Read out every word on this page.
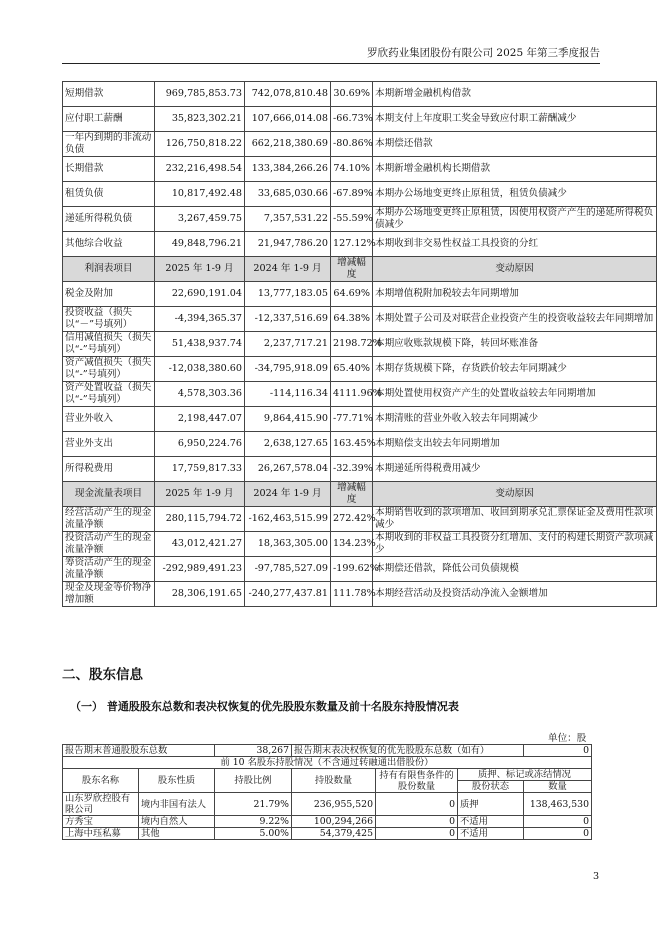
罗欣药业集团股份有限公司 2025 年第三季度报告
短期借款	969,785,853.73	742,078,810.48	30.69%	本期新增金融机构借款
应付职工薪酬	35,823,302.21	107,666,014.08	-66.73%	本期支付上年度职工奖金导致应付职工薪酬减少
一年内到期的非流动负债	126,750,818.22	662,218,380.69	-80.86%	本期偿还借款
长期借款	232,216,498.54	133,384,266.26	74.10%	本期新增金融机构长期借款
租赁负债	10,817,492.48	33,685,030.66	-67.89%	本期办公场地变更终止原租赁，租赁负债减少
递延所得税负债	3,267,459.75	7,357,531.22	-55.59%	本期办公场地变更终止原租赁，因使用权资产产生的递延所得税负债减少
其他综合收益	49,848,796.21	21,947,786.20	127.12%	本期收到非交易性权益工具投资的分红
利润表项目	2025 年 1-9 月	2024 年 1-9 月	增减幅度	变动原因
税金及附加	22,690,191.04	13,777,183.05	64.69%	本期增值税附加税较去年同期增加
投资收益（损失以“－”号填列）	-4,394,365.37	-12,337,516.69	64.38%	本期处置子公司及对联营企业投资产生的投资收益较去年同期增加
信用减值损失（损失以“-”号填列）	51,438,937.74	2,237,717.21	2198.72%	本期应收账款规模下降，转回坏账准备
资产减值损失（损失以“-”号填列）	-12,038,380.60	-34,795,918.09	65.40%	本期存货规模下降，存货跌价较去年同期减少
资产处置收益（损失以“-”号填列）	4,578,303.36	-114,116.34	4111.96%	本期处置使用权资产产生的处置收益较去年同期增加
营业外收入	2,198,447.07	9,864,415.90	-77.71%	本期清账的营业外收入较去年同期减少
营业外支出	6,950,224.76	2,638,127.65	163.45%	本期赔偿支出较去年同期增加
所得税费用	17,759,817.33	26,267,578.04	-32.39%	本期递延所得税费用减少
现金流量表项目	2025 年 1-9 月	2024 年 1-9 月	增减幅度	变动原因
经营活动产生的现金流量净额	280,115,794.72	-162,463,515.99	272.42%	本期销售收到的款项增加、收回到期承兑汇票保证金及费用性款项减少
投资活动产生的现金流量净额	43,012,421.27	18,363,305.00	134.23%	本期收到的非权益工具投资分红增加、支付的构建长期资产款项减少
筹资活动产生的现金流量净额	-292,989,491.23	-97,785,527.09	-199.62%	本期偿还借款，降低公司负债规模
现金及现金等价物净增加额	28,306,191.65	-240,277,437.81	111.78%	本期经营活动及投资活动净流入金额增加
二、股东信息
（一） 普通股股东总数和表决权恢复的优先股股东数量及前十名股东持股情况表
单位：股
报告期末普通股股东总数		38,267	报告期末表决权恢复的优先股股东总数（如有）			0
前 10 名股东持股情况（不含通过转融通出借股份）						
股东名称	股东性质	持股比例	持股数量	持有有限售条件的股份数量	质押、标记或冻结情况	
					股份状态	数量
山东罗欣控股有限公司	境内非国有法人	21.79%	236,955,520	0	质押	138,463,530
方秀宝	境内自然人	9.22%	100,294,266	0	不适用	0
上海中珏私募	其他	5.00%	54,379,425	0	不适用	0
3
